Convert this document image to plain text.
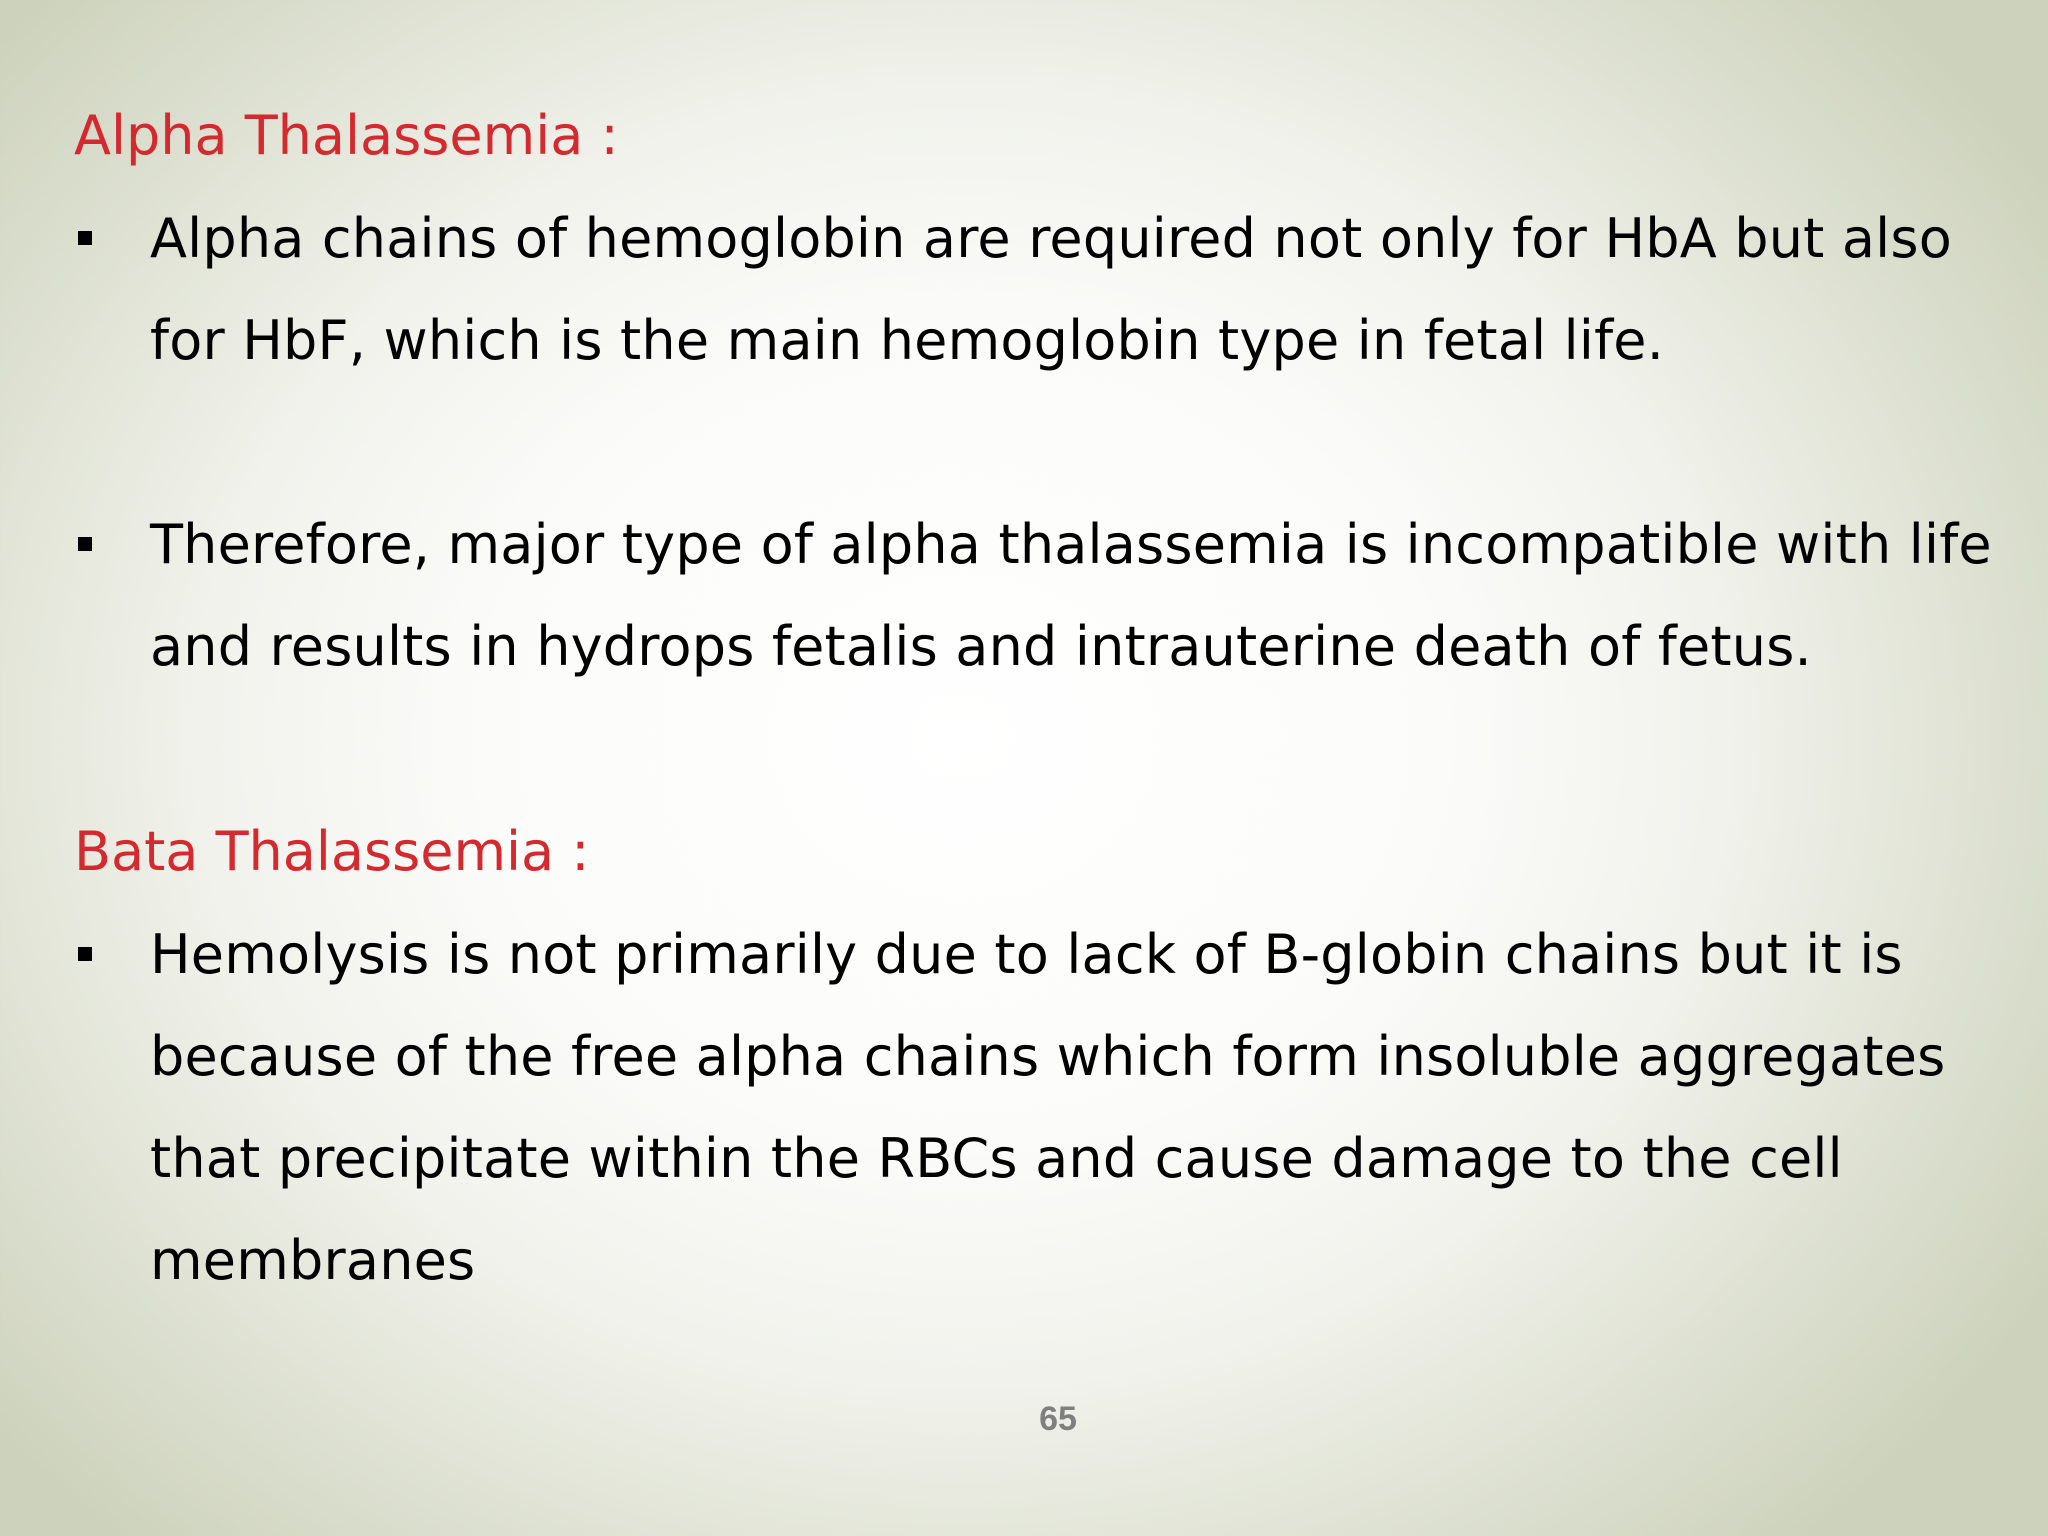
Alpha Thalassemia :

Alpha chains of hemoglobin are required not only for HbA but also for HbF, which is the main hemoglobin type in fetal life.

Therefore, major type of alpha thalassemia is incompatible with life and results in hydrops fetalis and intrauterine death of fetus.

Bata Thalassemia :

Hemolysis is not primarily due to lack of B-globin chains but it is because of the free alpha chains which form insoluble aggregates that precipitate within the RBCs and cause damage to the cell membranes

65
